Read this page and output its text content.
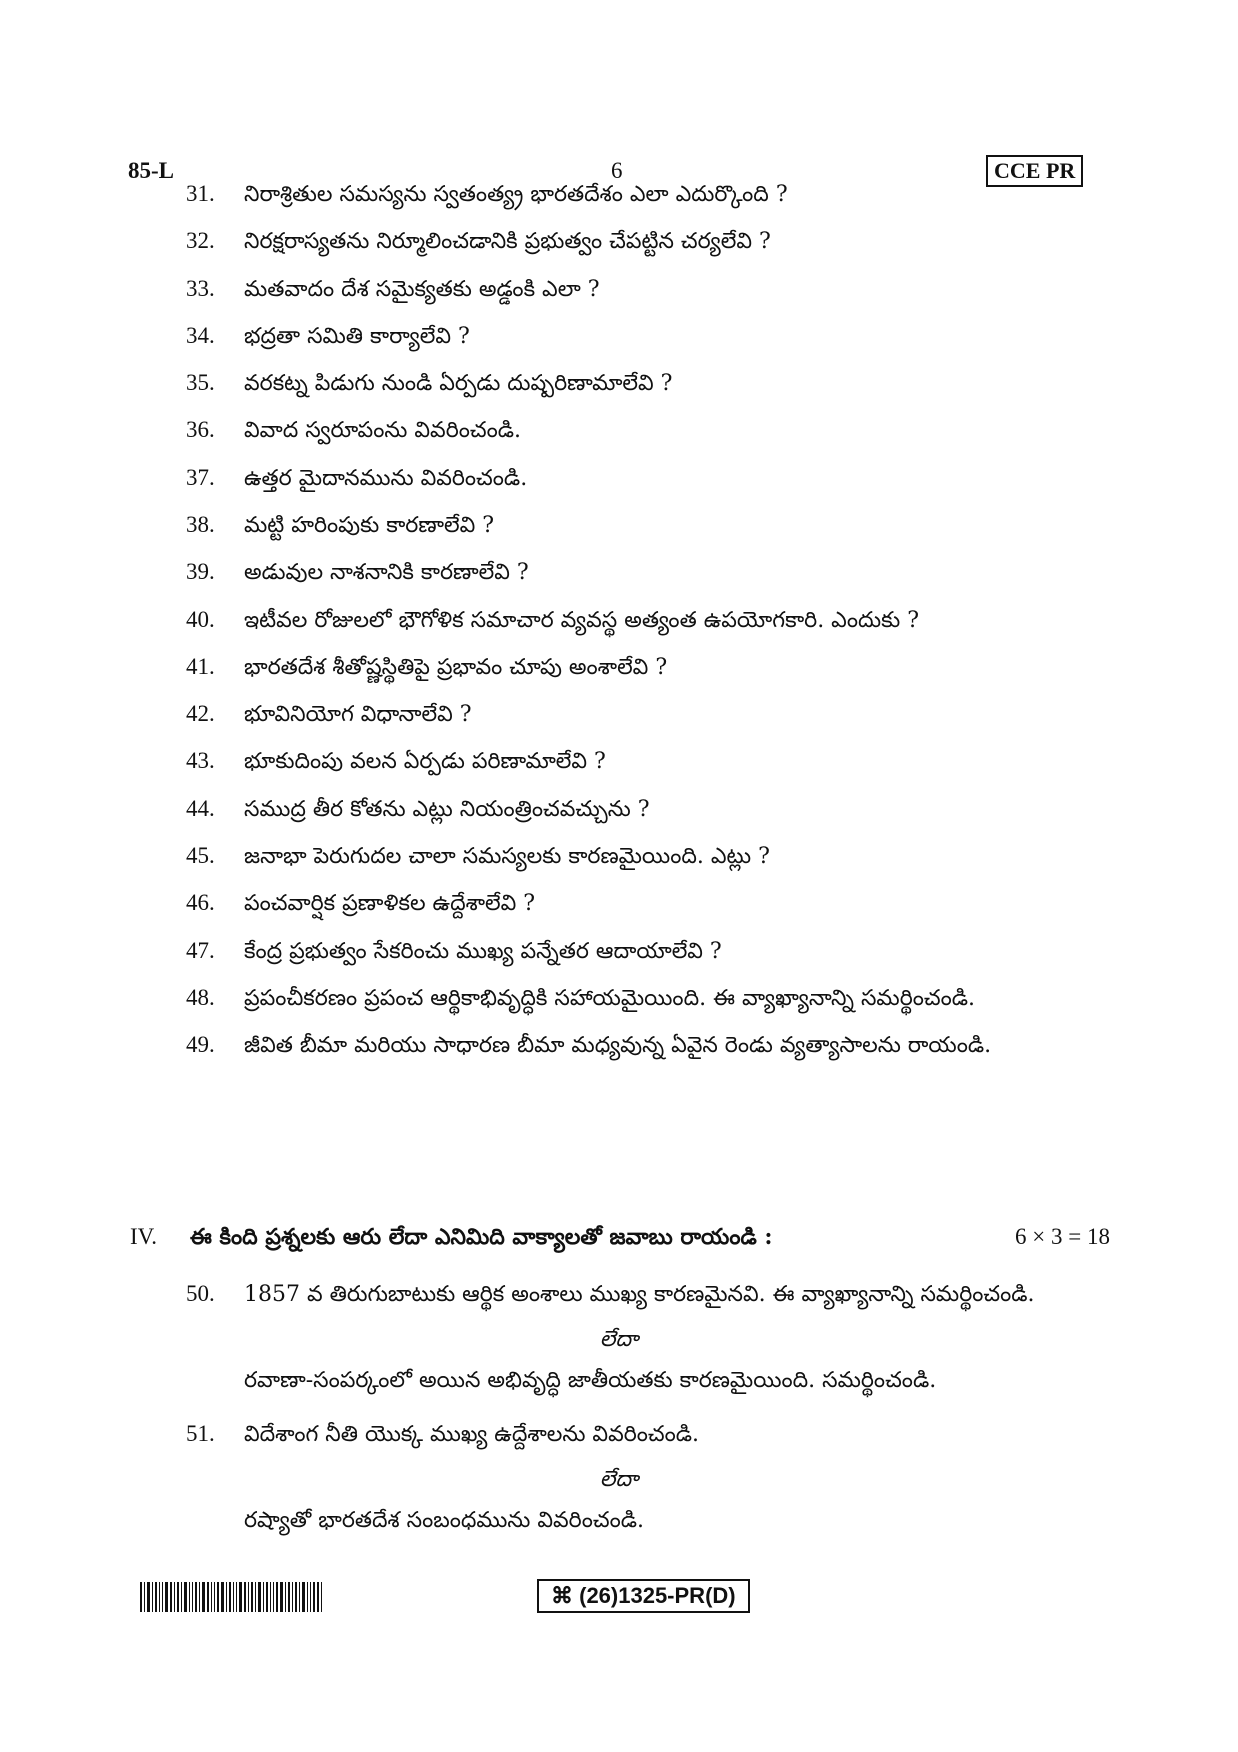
85-L	6	CCE PR
31. నిరాశ్రితుల సమస్యను స్వతంత్య్ర భారతదేశం ఎలా ఎదుర్కొంది ?
32. నిరక్షరాస్యతను నిర్మూలించడానికి ప్రభుత్వం చేపట్టిన చర్యలేవి ?
33. మతవాదం దేశ సమైక్యతకు అడ్డంకి ఎలా ?
34. భద్రతా సమితి కార్యాలేవి ?
35. వరకట్న పిడుగు నుండి ఏర్పడు దుష్పరిణామాలేవి ?
36. వివాద స్వరూపంను వివరించండి.
37. ఉత్తర మైదానమును వివరించండి.
38. మట్టి హరింపుకు కారణాలేవి ?
39. అడువుల నాశనానికి కారణాలేవి ?
40. ఇటీవల రోజులలో భౌగోళిక సమాచార వ్యవస్థ అత్యంత ఉపయోగకారి. ఎందుకు ?
41. భారతదేశ శీతోష్ణస్థితిపై ప్రభావం చూపు అంశాలేవి ?
42. భూవినియోగ విధానాలేవి ?
43. భూకుదింపు వలన ఏర్పడు పరిణామాలేవి ?
44. సముద్ర తీర కోతను ఎట్లు నియంత్రించవచ్చును ?
45. జనాభా పెరుగుదల చాలా సమస్యలకు కారణమైయింది. ఎట్లు ?
46. పంచవార్షిక ప్రణాళికల ఉద్దేశాలేవి ?
47. కేంద్ర ప్రభుత్వం సేకరించు ముఖ్య పన్నేతర ఆదాయాలేవి ?
48. ప్రపంచీకరణం ప్రపంచ ఆర్థికాభివృద్ధికి సహాయమైయింది. ఈ వ్యాఖ్యానాన్ని సమర్థించండి.
49. జీవిత బీమా మరియు సాధారణ బీమా మధ్యవున్న ఏవైన రెండు వ్యత్యాసాలను రాయండి.
IV. ఈ కింది ప్రశ్నలకు ఆరు లేదా ఎనిమిది వాక్యాలతో జవాబు రాయండి :	6 × 3 = 18
50. 1857 వ తిరుగుబాటుకు ఆర్థిక అంశాలు ముఖ్య కారణమైనవి. ఈ వ్యాఖ్యానాన్ని సమర్థించండి.
లేదా
రవాణా-సంపర్కంలో అయిన అభివృద్ధి జాతీయతకు కారణమైయింది. సమర్థించండి.
51. విదేశాంగ నీతి యొక్క ముఖ్య ఉద్దేశాలను వివరించండి.
లేదా
రష్యాతో భారతదేశ సంబంధమును వివరించండి.
⌘ (26)1325-PR(D)
